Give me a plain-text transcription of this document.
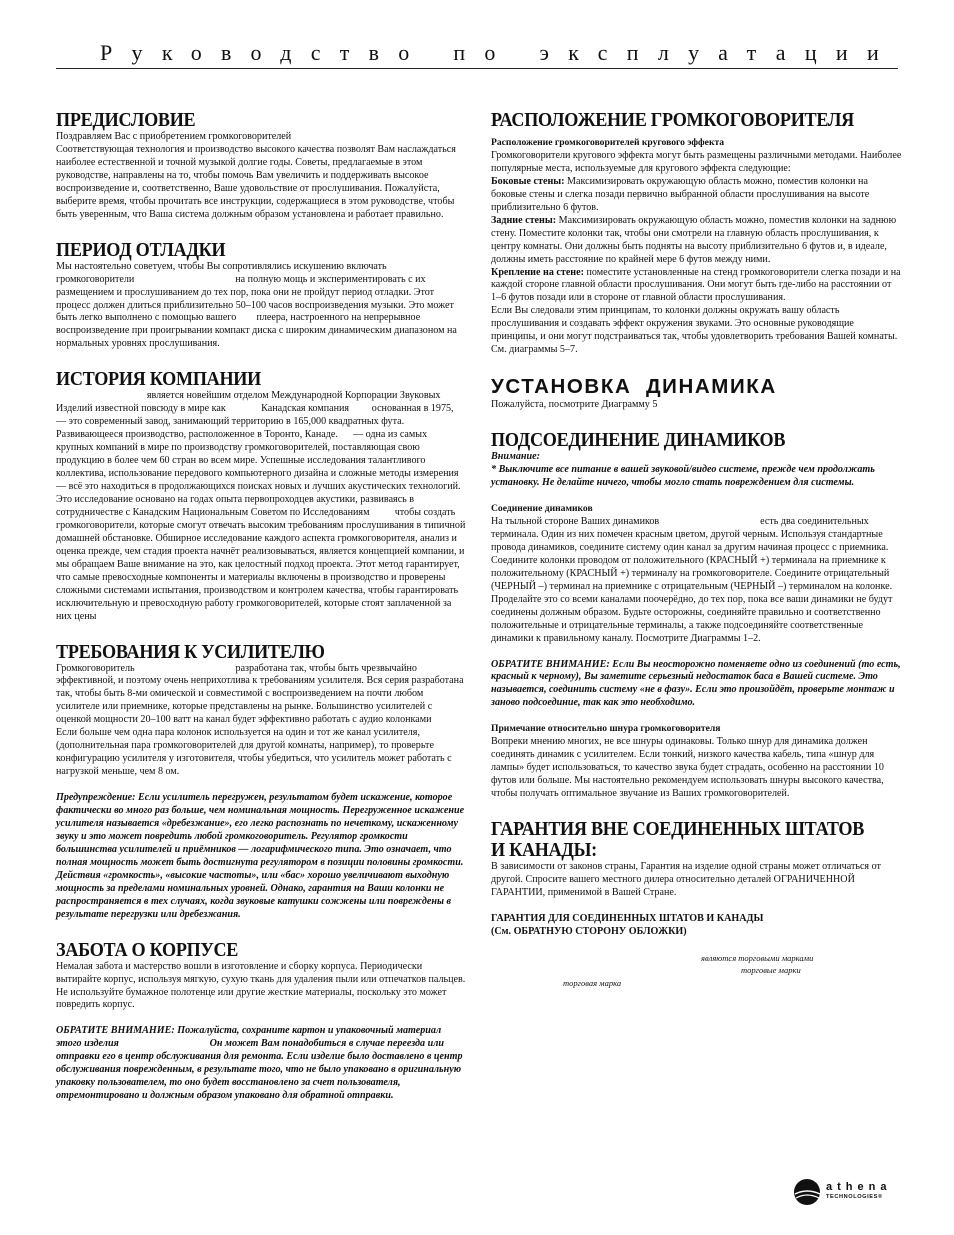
Руководство по эксплуатации
ПРЕДИСЛОВИЕ

Поздравляем Вас с приобретением громкоговорителей

Соответствующая технология и производство высокого качества позволят Вам наслаждаться наиболее естественной и точной музыкой долгие годы. Советы, предлагаемые в этом руководстве, направлены на то, чтобы помочь Вам увеличить и поддерживать высокое воспроизведение и, соответственно, Ваше удовольствие от прослушивания. Пожалуйста, выберите время, чтобы прочитать все инструкции, содержащиеся в этом руководстве, чтобы быть уверенным, что Ваша система должным образом установлена и работает правильно.

ПЕРИОД ОТЛАДКИ

Мы настоятельно советуем, чтобы Вы сопротивлялись искушению включать громкоговорители                                        на полную мощь и экспериментировать с их размещением и прослушиванием до тех пор, пока они не пройдут период отладки. Этот процесс должен длиться приблизительно 50–100 часов воспроизведения музыки. Это может быть легко выполнено с помощью вашего        плеера, настроенного на непрерывное воспроизведение при проигрывании компакт диска с широким динамическим диапазоном на нормальных уровнях прослушивания.

ИСТОРИЯ КОМПАНИИ

является новейшим отделом Международной Корпорации Звуковых Изделий известной повсюду в мире как              Канадская компания         основанная в 1975, — это современный завод, занимающий территорию в 165,000 квадратных фута. Развивающееся производство, расположенное в Торонто, Канаде.      — одна из самых крупных компаний в мире по производству громкоговорителей, поставляющая свою продукцию в более чем 60 стран во всем мире. Успешные исследования талантливого коллектива, использование передового компьютерного дизайна и сложные методы измерения — всё это находиться в продолжающихся поисках новых и лучших акустических технологий. Это исследование основано на годах опыта первопроходцев акустики, развиваясь в сотрудничестве с Канадским Национальным Советом по Исследованиям          чтобы создать громкоговорители, которые смогут отвечать высоким требованиям прослушивания в типичной домашней обстановке. Обширное исследование каждого аспекта громкоговорителя, анализ и оценка прежде, чем стадия проекта начнёт реализовываться, является концепцией компании, и мы обращаем Ваше внимание на это, как целостный подход проекта. Этот метод гарантирует, что самые превосходные компоненты и материалы включены в производство и проверены сложными системами испытания, производством и контролем качества, чтобы гарантировать исключительную и превосходную работу громкоговорителей, которые стоят заплаченной за них цены

ТРЕБОВАНИЯ К УСИЛИТЕЛЮ

Громкоговоритель                                        разработана так, чтобы быть чрезвычайно эффективной, и поэтому очень неприхотлива к требованиям усилителя. Вся серия разработана так, чтобы быть 8-ми омической и совместимой с воспроизведением на почти любом усилителе или приемнике, которые представлены на рынке. Большинство усилителей с оценкой мощности 20–100 ватт на канал будет эффективно работать с аудио колонками                                        Если больше чем одна пара колонок используется на один и тот же канал усилителя, (дополнительная пара громкоговорителей для другой комнаты, например), то проверьте конфигурацию усилителя у изготовителя, чтобы убедиться, что усилитель может работать с нагрузкой меньше, чем 8 ом.

Предупреждение: Если усилитель перегружен, результатом будет искажение, которое фактически во много раз больше, чем номинальная мощность. Перегруженное искажение усилителя называется «дребезжание», его легко распознать по нечеткому, искаженному звуку и это может повредить любой громкоговоритель. Регулятор громкости большинства усилителей и приёмников — логарифмического типа. Это означает, что полная мощность может быть достигнута регулятором в позиции половины громкости. Действия «громкость», «высокие частоты», или «бас» хорошо увеличивают выходную мощность за пределами номинальных уровней. Однако, гарантия на Ваши колонки не распространяется в тех случаях, когда звуковые катушки сожжены или повреждены в результате перегрузки или дребезжания.

ЗАБОТА О КОРПУСЕ

Немалая забота и мастерство вошли в изготовление и сборку корпуса. Периодически вытирайте корпус, используя мягкую, сухую ткань для удаления пыли или отпечатков пальцев. Не используйте бумажное полотенце или другие жесткие материалы, поскольку это может повредить корпус.

ОБРАТИТЕ ВНИМАНИЕ: Пожалуйста, сохраните картон и упаковочный материал этого изделия                                    Он может Вам понадобиться в случае переезда или отправки его в центр обслуживания для ремонта. Если изделие было доставлено в центр обслуживания поврежденным, в результате того, что не было упаковано в оригинальную упаковку пользователем, то оно будет восстановлено за счет пользователя, отремонтировано и должным образом упаковано для обратной отправки.

РАСПОЛОЖЕНИЕ ГРОМКОГОВОРИТЕЛЯ

Расположение громкоговорителей кругового эффекта

Громкоговорители кругового эффекта могут быть размещены различными методами. Наиболее популярные места, используемые для кругового эффекта следующие:

Боковые стены: Максимизировать окружающую область можно, поместив колонки на боковые стены и слегка позади первично выбранной области прослушивания на высоте приблизительно 6 футов.

Задние стены: Максимизировать окружающую область можно, поместив колонки на заднюю стену. Поместите колонки так, чтобы они смотрели на главную область прослушивания, к центру комнаты. Они должны быть подняты на высоту приблизительно 6 футов и, в идеале, должны иметь расстояние по крайней мере 6 футов между ними.

Крепление на стене: поместите установленные на стенд громкоговорители слегка позади и на каждой стороне главной области прослушивания. Они могут быть где-либо на расстоянии от 1–6 футов позади или в стороне от главной области прослушивания.

Если Вы следовали этим принципам, то колонки должны окружать вашу область прослушивания и создавать эффект окружения звуками. Это основные руководящие принципы, и они могут подстраиваться так, чтобы удовлетворить требования Вашей комнаты. См. диаграммы 5–7.

УСТАНОВКА  ДИНАМИКА

Пожалуйста, посмотрите Диаграмму 5

ПОДСОЕДИНЕНИЕ ДИНАМИКОВ

Внимание:

* Выключите все питание в вашей звуковой/видео системе, прежде чем продолжать установку. Не делайте ничего, чтобы могло стать повреждением для системы.

Соединение динамиков

На тыльной стороне Ваших динамиков                                        есть два соединительных терминала. Один из них помечен красным цветом, другой черным. Используя стандартные провода динамиков, соедините систему один канал за другим начиная процесс с приемника. Соедините колонки проводом от положительного (КРАСНЫЙ +) терминала на приемнике к положительному (КРАСНЫЙ +) терминалу на громкоговорителе. Соедините отрицательный (ЧЕРНЫЙ –) терминал на приемнике с отрицательным (ЧЕРНЫЙ –) терминалом на колонке. Проделайте это со всеми каналами поочерёдно, до тех пор, пока все ваши динамики не будут соединены должным образом. Будьте осторожны, соединяйте правильно и соответственно положительные и отрицательные терминалы, а также подсоединяйте соответственные динамики к правильному каналу. Посмотрите Диаграммы 1–2.

ОБРАТИТЕ ВНИМАНИЕ: Если Вы неосторожно поменяете одно из соединений (то есть, красный к черному), Вы заметите серьезный недостаток баса в Вашей системе. Это называется, соединить систему «не в фазу». Если это произойдёт, проверьте монтаж и заново подсоединие, так как это необходимо.

Примечание относительно шнура громкоговорителя

Вопреки мнению многих, не все шнуры одинаковы. Только шнур для динамика должен соединять динамик с усилителем. Если тонкий, низкого качества кабель, типа «шнур для лампы» будет использоваться, то качество звука будет страдать, особенно на расстоянии 10 футов или больше. Мы настоятельно рекомендуем использовать шнуры высокого качества, чтобы получать оптимальное звучание из Ваших громкоговорителей.

ГАРАНТИЯ ВНЕ СОЕДИНЕННЫХ ШТАТОВ И КАНАДЫ:

В зависимости от законов страны, Гарантия на изделие одной страны может отличаться от другой. Спросите вашего местного дилера относительно деталей ОГРАНИЧЕННОЙ ГАРАНТИИ, применимой в Вашей Стране.

ГАРАНТИЯ ДЛЯ СОЕДИНЕННЫХ ШТАТОВ И КАНАДЫ

(См. ОБРАТНУЮ СТОРОНУ ОБЛОЖКИ)

являются торговыми марками
торговые марки
торговая марка
athena
TECHNOLOGIES®
